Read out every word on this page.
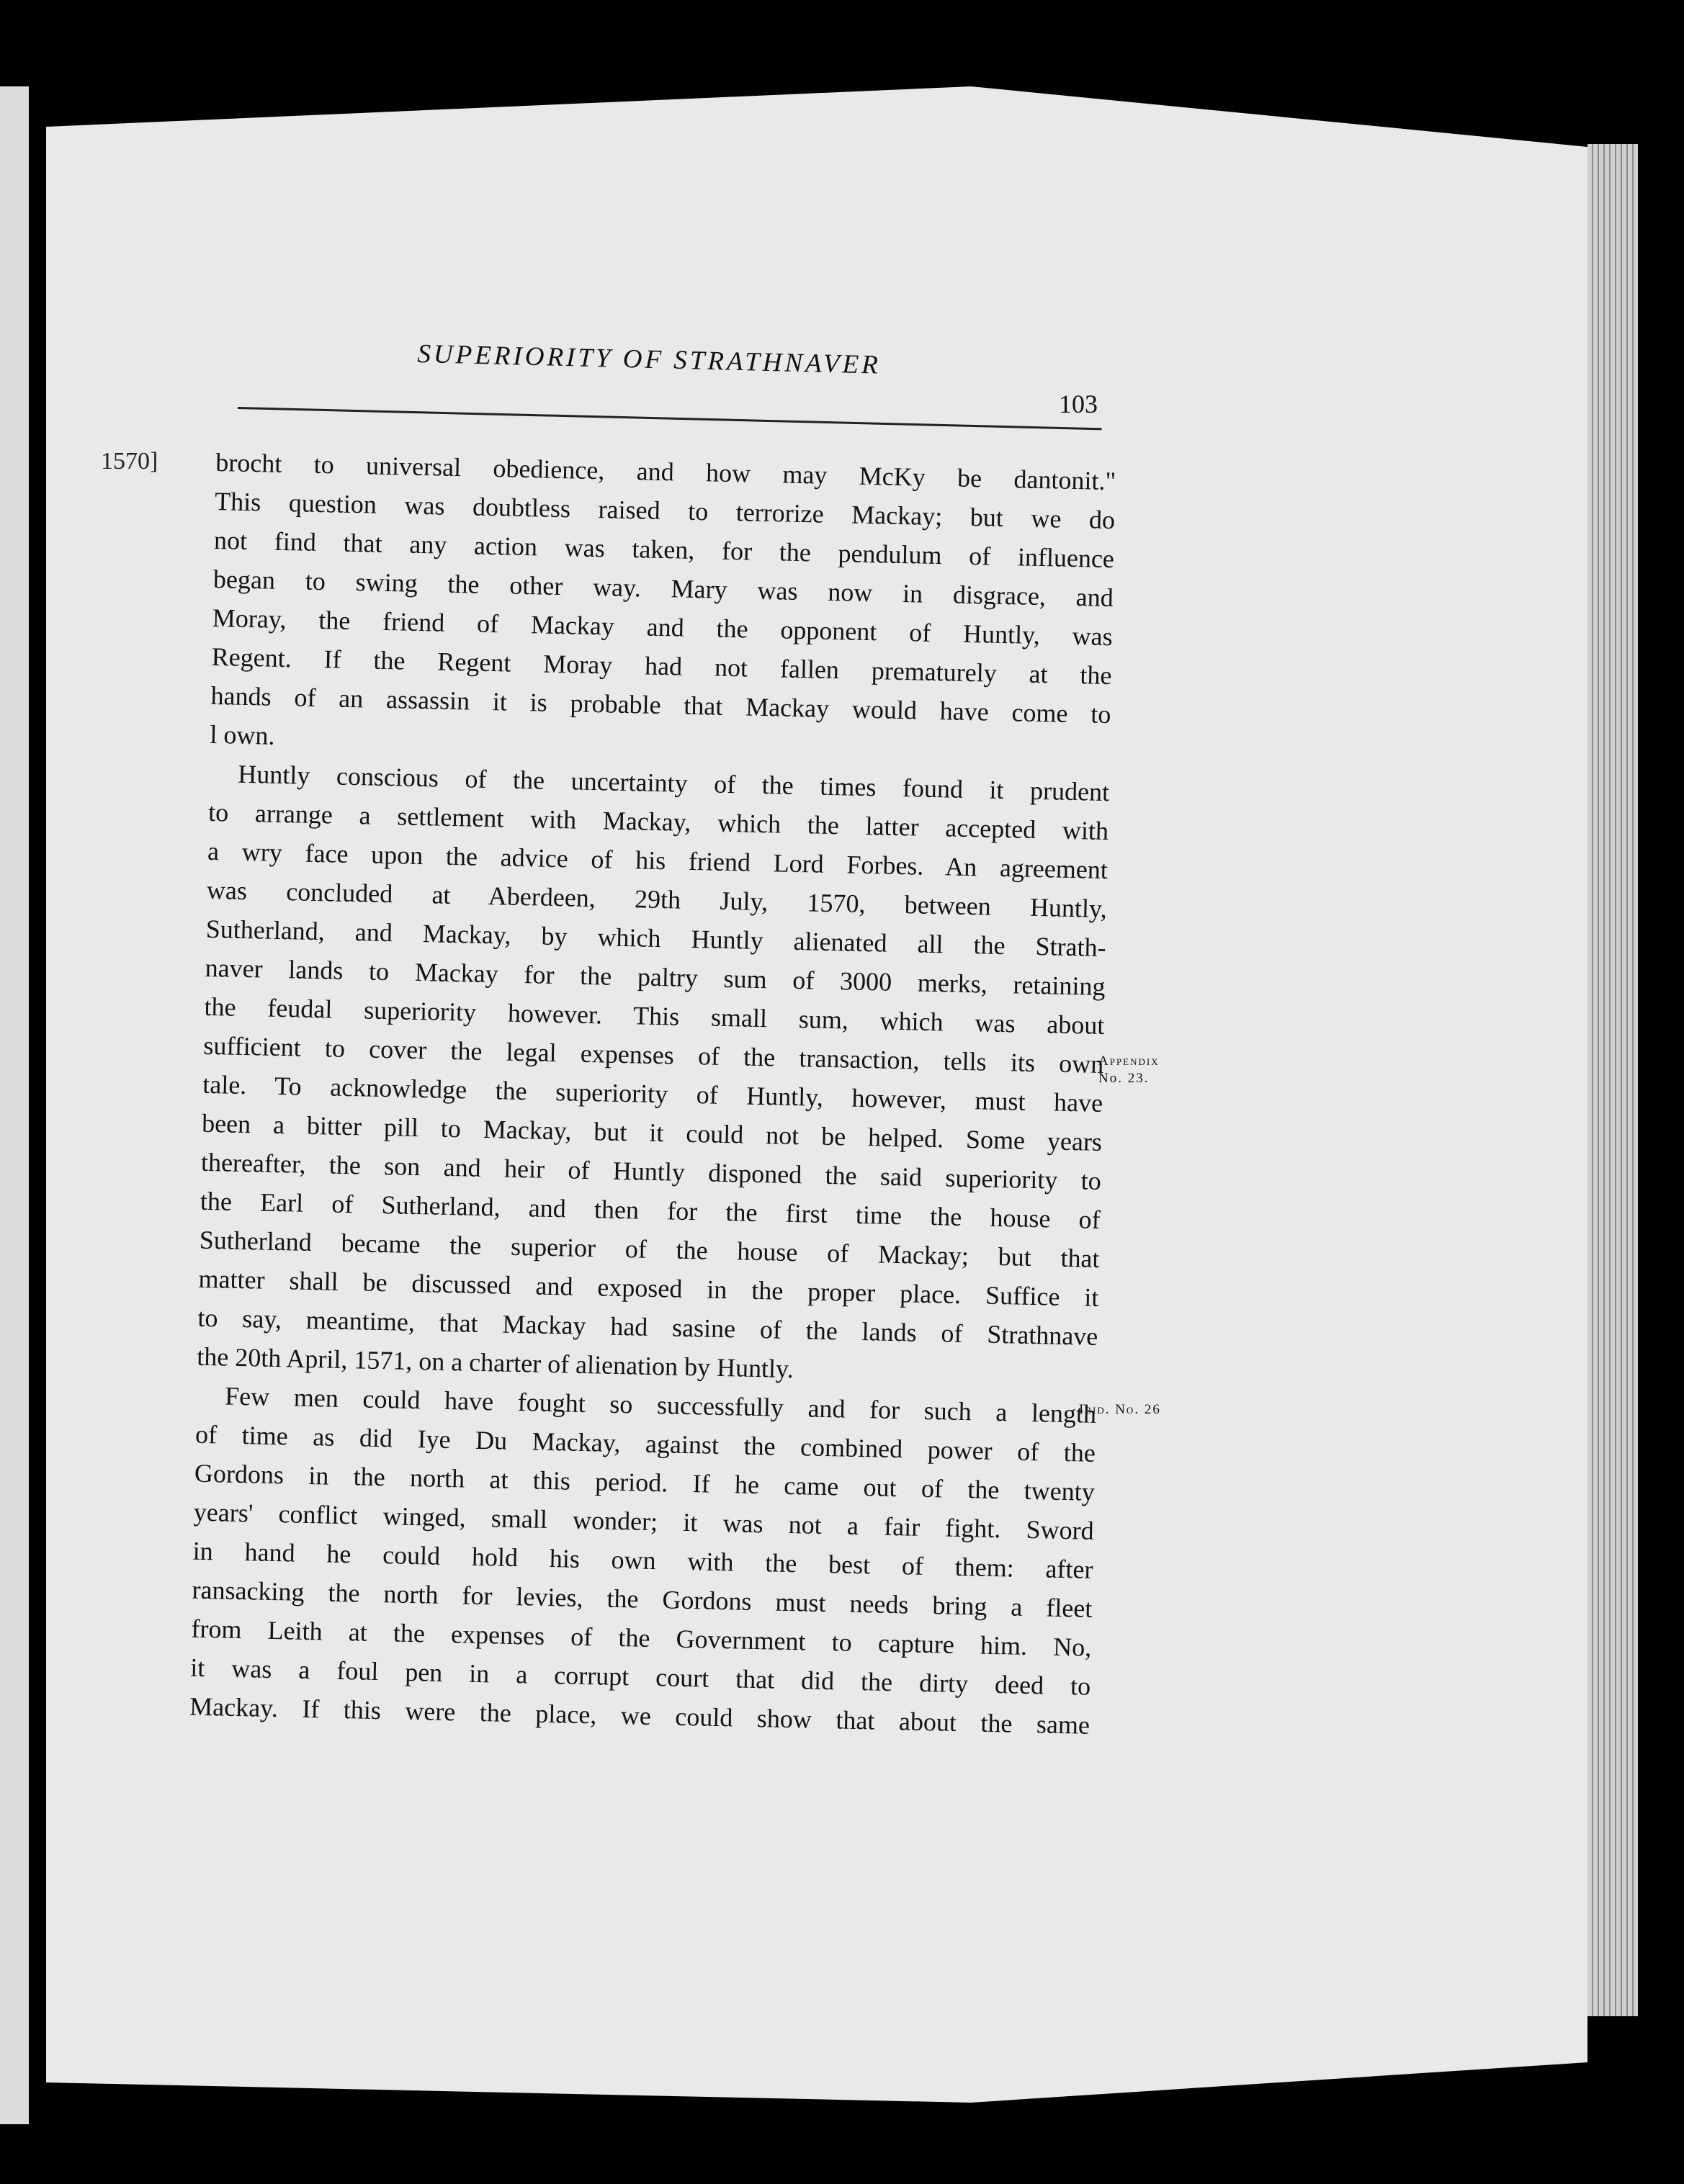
SUPERIORITY OF STRATHNAVER
103
1570]
Appendix
No. 23.
Ibid. No. 26
brocht to universal obedience, and how may McKy be dantonit."
This question was doubtless raised to terrorize Mackay; but we do
not find that any action was taken, for the pendulum of influence
began to swing the other way. Mary was now in disgrace, and
Moray, the friend of Mackay and the opponent of Huntly, was
Regent. If the Regent Moray had not fallen prematurely at the
hands of an assassin it is probable that Mackay would have come to
l own.
Huntly conscious of the uncertainty of the times found it prudent
to arrange a settlement with Mackay, which the latter accepted with
a wry face upon the advice of his friend Lord Forbes. An agreement
was concluded at Aberdeen, 29th July, 1570, between Huntly,
Sutherland, and Mackay, by which Huntly alienated all the Strath-
naver lands to Mackay for the paltry sum of 3000 merks, retaining
the feudal superiority however. This small sum, which was about
sufficient to cover the legal expenses of the transaction, tells its own
tale. To acknowledge the superiority of Huntly, however, must have
been a bitter pill to Mackay, but it could not be helped. Some years
thereafter, the son and heir of Huntly disponed the said superiority to
the Earl of Sutherland, and then for the first time the house of
Sutherland became the superior of the house of Mackay; but that
matter shall be discussed and exposed in the proper place. Suffice it
to say, meantime, that Mackay had sasine of the lands of Strathnave
the 20th April, 1571, on a charter of alienation by Huntly.
Few men could have fought so successfully and for such a length
of time as did Iye Du Mackay, against the combined power of the
Gordons in the north at this period. If he came out of the twenty
years' conflict winged, small wonder; it was not a fair fight. Sword
in hand he could hold his own with the best of them: after
ransacking the north for levies, the Gordons must needs bring a fleet
from Leith at the expenses of the Government to capture him. No,
it was a foul pen in a corrupt court that did the dirty deed to
Mackay. If this were the place, we could show that about the same
